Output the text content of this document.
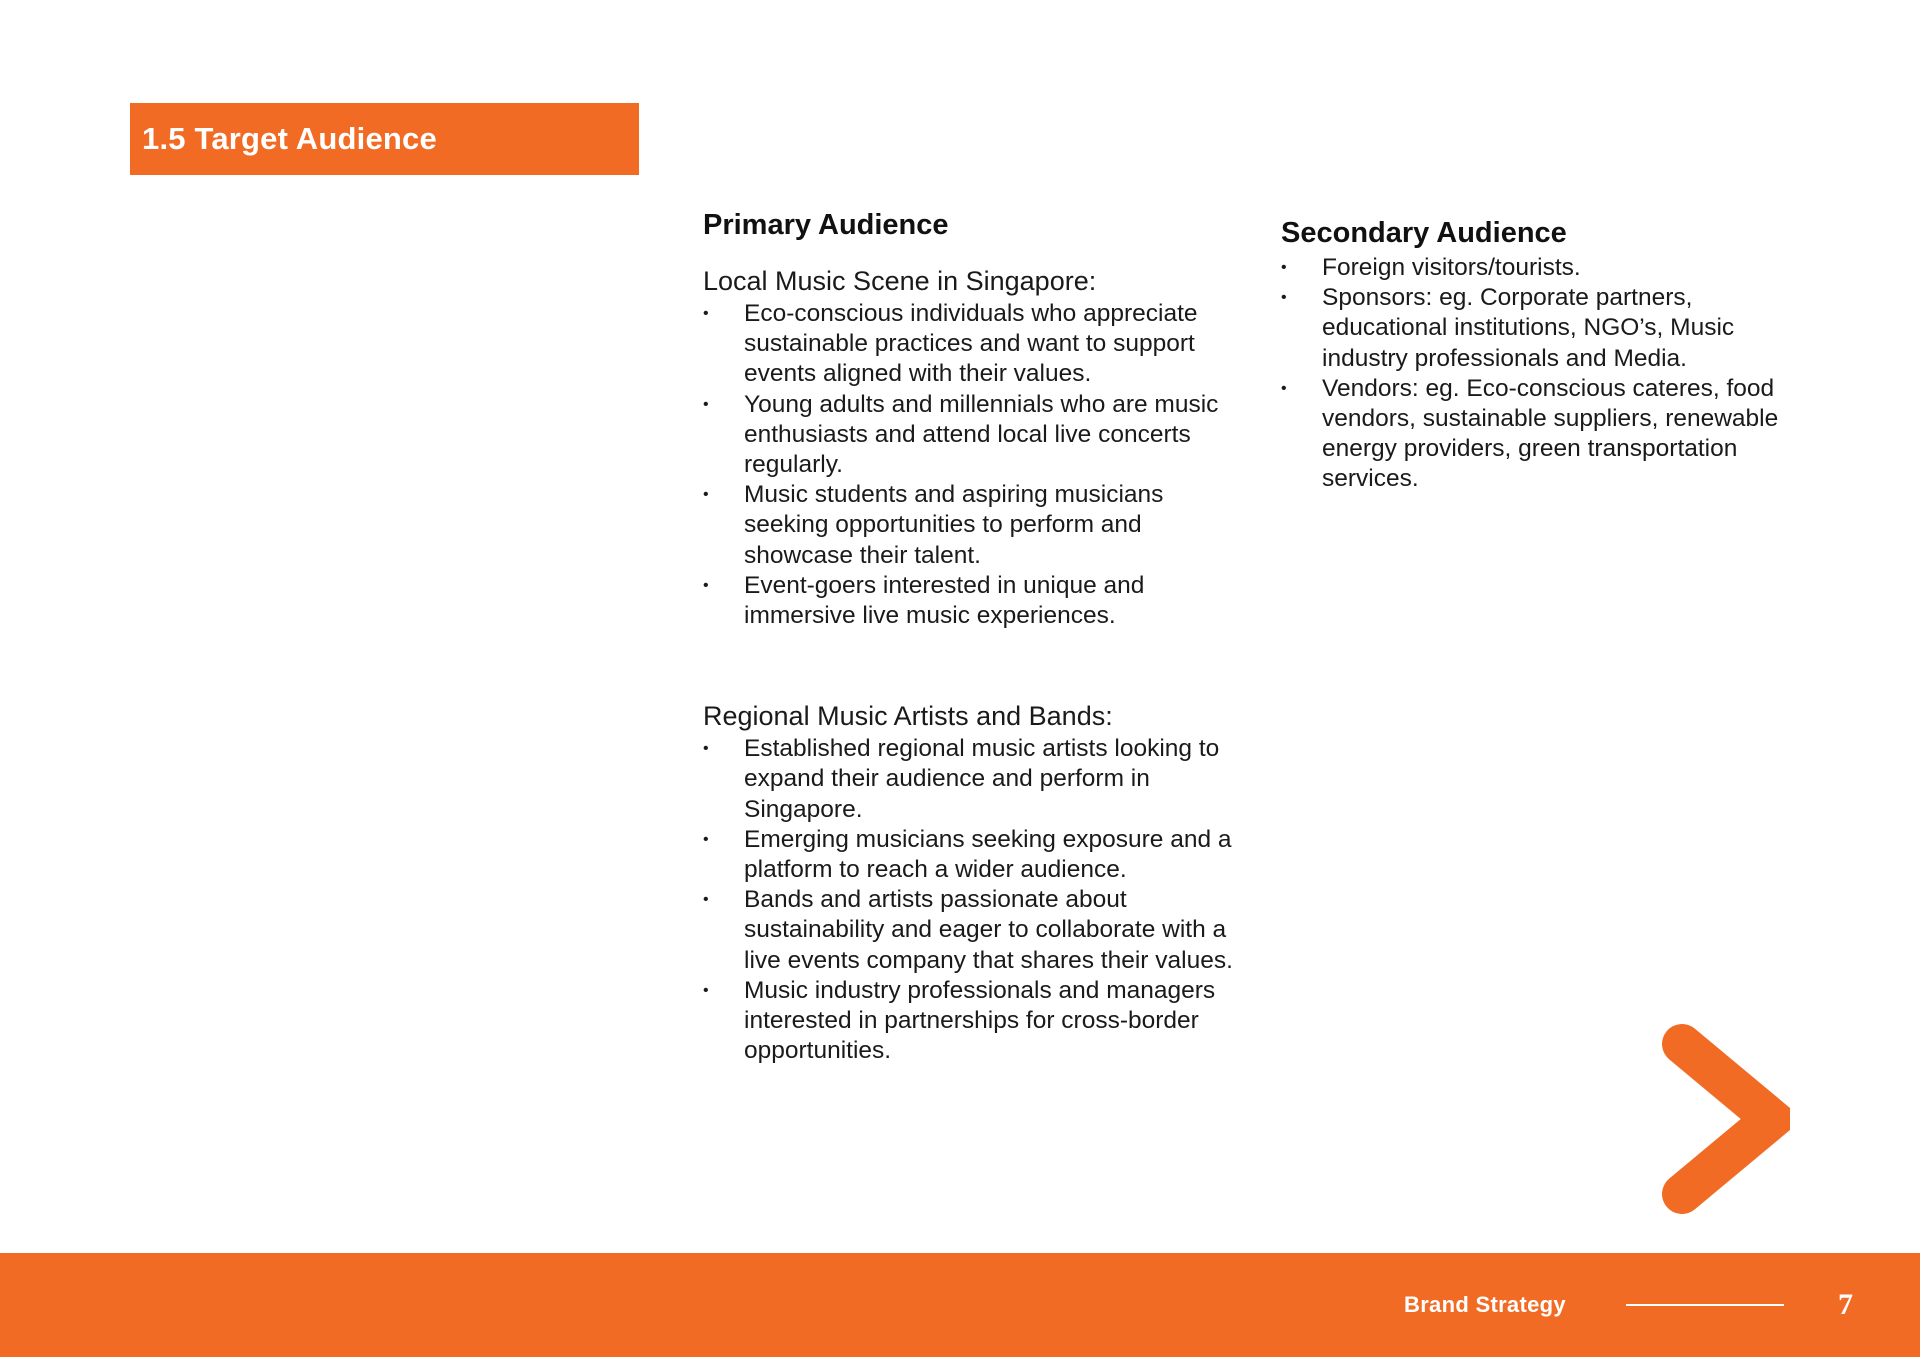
1.5 Target Audience
Primary Audience

Local Music Scene in Singapore:

• Eco-conscious individuals who appreciate sustainable practices and want to support events aligned with their values.
• Young adults and millennials who are music enthusiasts and attend local live concerts regularly.
• Music students and aspiring musicians seeking opportunities to perform and showcase their talent.
• Event-goers interested in unique and immersive live music experiences.

Regional Music Artists and Bands:

• Established regional music artists looking to expand their audience and perform in Singapore.
• Emerging musicians seeking exposure and a platform to reach a wider audience.
• Bands and artists passionate about sustainability and eager to collaborate with a live events company that shares their values.
• Music industry professionals and managers interested in partnerships for cross-border opportunities.
Secondary Audience
• Foreign visitors/tourists.
• Sponsors: eg. Corporate partners, educational institutions, NGO’s, Music industry professionals and Media.
• Vendors: eg. Eco-conscious cateres, food vendors, sustainable suppliers, renewable energy providers, green transportation services.
Brand Strategy	7
